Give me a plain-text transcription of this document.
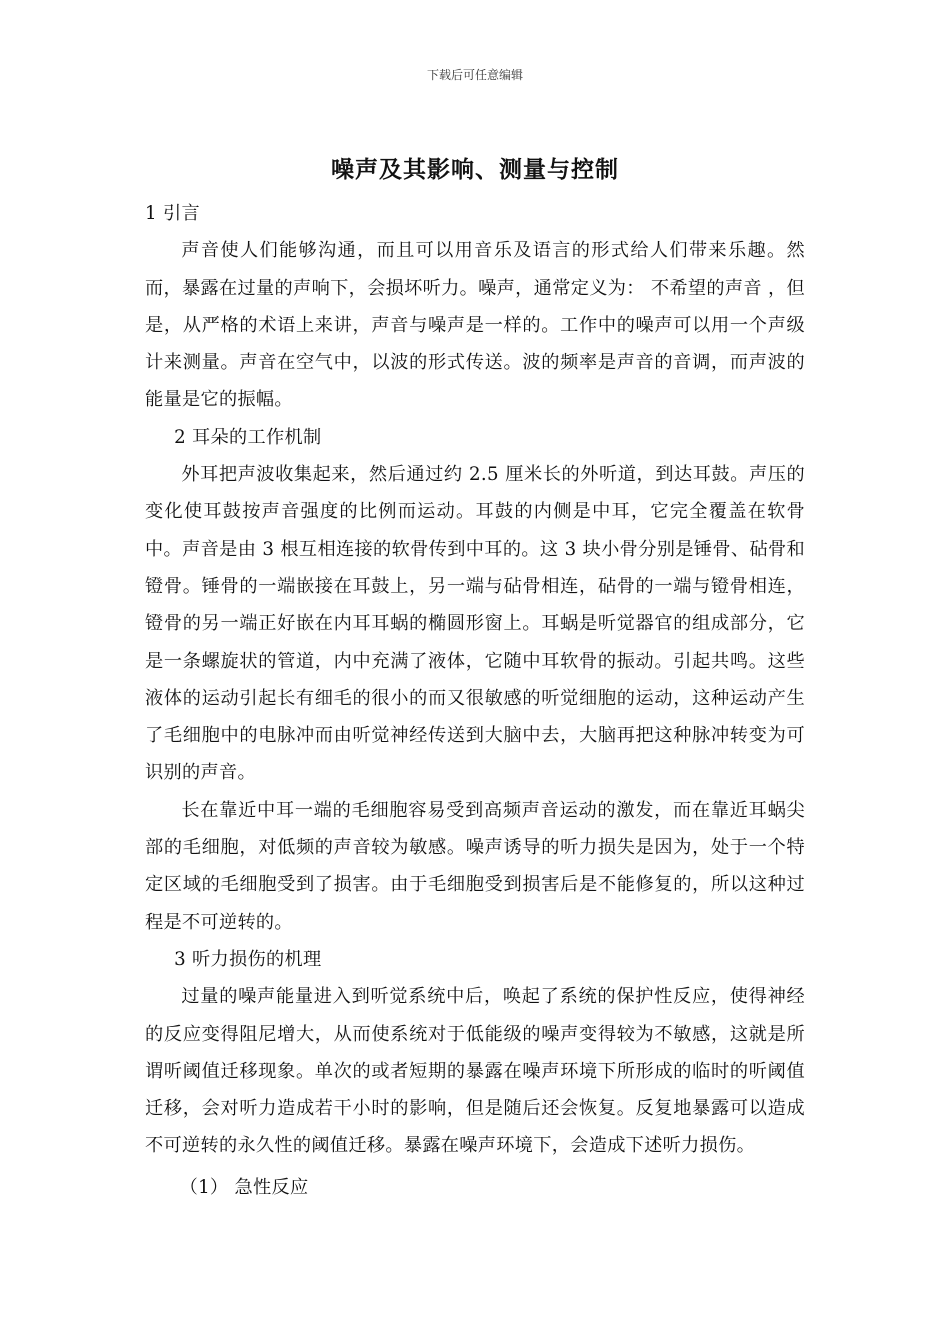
下载后可任意编辑
噪声及其影响、测量与控制

1 引言

声音使人们能够沟通，而且可以用音乐及语言的形式给人们带来乐趣。然而，暴露在过量的声响下，会损坏听力。噪声，通常定义为： 不希望的声音 ，但是，从严格的术语上来讲，声音与噪声是一样的。工作中的噪声可以用一个声级计来测量。声音在空气中，以波的形式传送。波的频率是声音的音调，而声波的能量是它的振幅。

2 耳朵的工作机制

外耳把声波收集起来，然后通过约 2.5 厘米长的外听道，到达耳鼓。声压的变化使耳鼓按声音强度的比例而运动。耳鼓的内侧是中耳，它完全覆盖在软骨中。声音是由 3 根互相连接的软骨传到中耳的。这 3 块小骨分别是锤骨、砧骨和镫骨。锤骨的一端嵌接在耳鼓上，另一端与砧骨相连，砧骨的一端与镫骨相连，镫骨的另一端正好嵌在内耳耳蜗的椭圆形窗上。耳蜗是听觉器官的组成部分，它是一条螺旋状的管道，内中充满了液体，它随中耳软骨的振动。引起共鸣。这些液体的运动引起长有细毛的很小的而又很敏感的听觉细胞的运动，这种运动产生了毛细胞中的电脉冲而由听觉神经传送到大脑中去，大脑再把这种脉冲转变为可识别的声音。

长在靠近中耳一端的毛细胞容易受到高频声音运动的激发，而在靠近耳蜗尖部的毛细胞，对低频的声音较为敏感。噪声诱导的听力损失是因为，处于一个特定区域的毛细胞受到了损害。由于毛细胞受到损害后是不能修复的，所以这种过程是不可逆转的。

3 听力损伤的机理

过量的噪声能量进入到听觉系统中后，唤起了系统的保护性反应，使得神经的反应变得阻尼增大，从而使系统对于低能级的噪声变得较为不敏感，这就是所谓听阈值迁移现象。单次的或者短期的暴露在噪声环境下所形成的临时的听阈值迁移，会对听力造成若干小时的影响，但是随后还会恢复。反复地暴露可以造成不可逆转的永久性的阈值迁移。暴露在噪声环境下，会造成下述听力损伤。

（1） 急性反应
